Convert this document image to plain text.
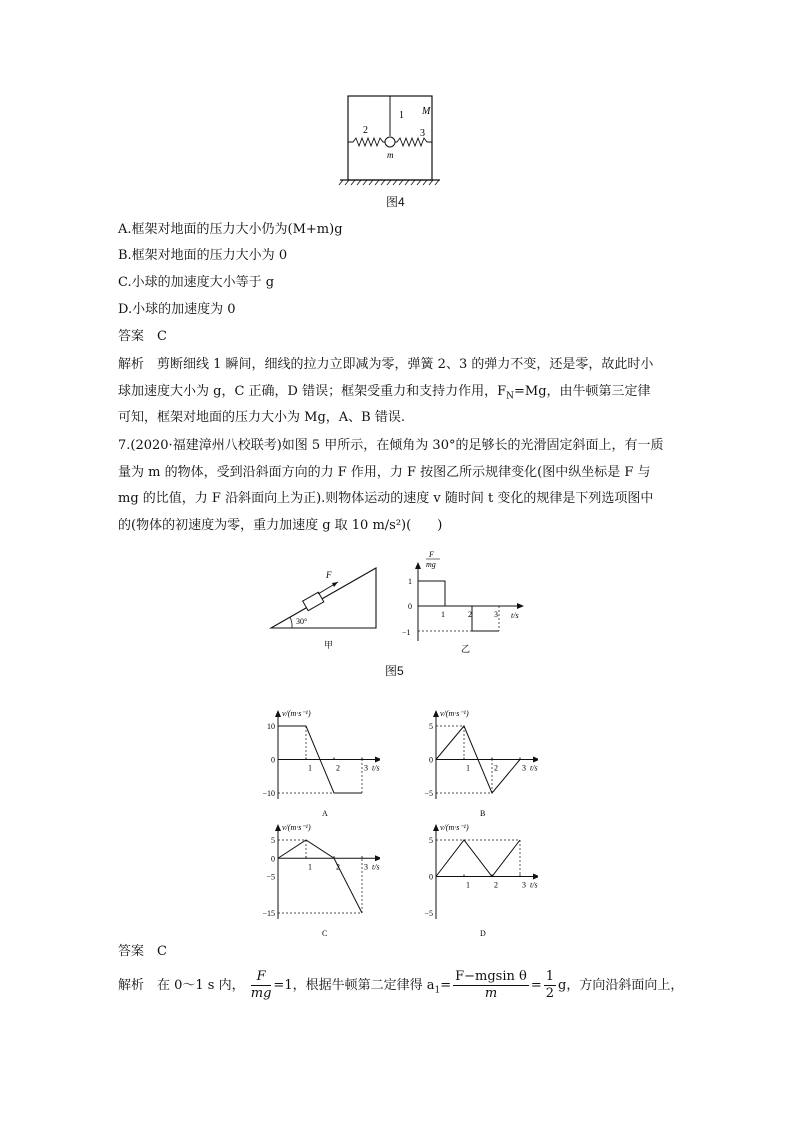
1
2	3
M
m
图4
A.框架对地面的压力大小仍为(M+m)g
B.框架对地面的压力大小为 0
C.小球的加速度大小等于 g
D.小球的加速度为 0
答案　C
解析　剪断细线 1 瞬间，细线的拉力立即减为零，弹簧 2、3 的弹力不变，还是零，故此时小
球加速度大小为 g，C 正确，D 错误；框架受重力和支持力作用，$F_N=Mg$，由牛顿第三定律
可知，框架对地面的压力大小为 Mg，A、B 错误.
7.(2020·福建漳州八校联考)如图 5 甲所示，在倾角为 30°的足够长的光滑固定斜面上，有一质
量为 m 的物体，受到沿斜面方向的力 F 作用，力 F 按图乙所示规律变化(图中纵坐标是 F 与
mg 的比值，力 F 沿斜面向上为正).则物体运动的速度 v 随时间 t 变化的规律是下列选项图中
的(物体的初速度为零，重力加速度 g 取 10 m/s²)(　　)
F
30°
甲
F
mg
t/s
1
0
−1
1	2	3
乙
图5
v/(m·s⁻¹)
t/s
10
0
−10
1	2	3
A
v/(m·s⁻¹)
t/s
5
0
−5
1	2	3
B
v/(m·s⁻¹)
t/s
5
0
−5
−15
1	2	3
C
v/(m·s⁻¹)
t/s
5
0
−5
1	2	3
D
答案　C
解析　在 0～1 s 内， $\frac{F}{mg} =1$，根据牛顿第二定律得 $a_1= \frac{\text{F−mgsin θ}}{m} = \frac{1}{2}$ g，方向沿斜面向上，
